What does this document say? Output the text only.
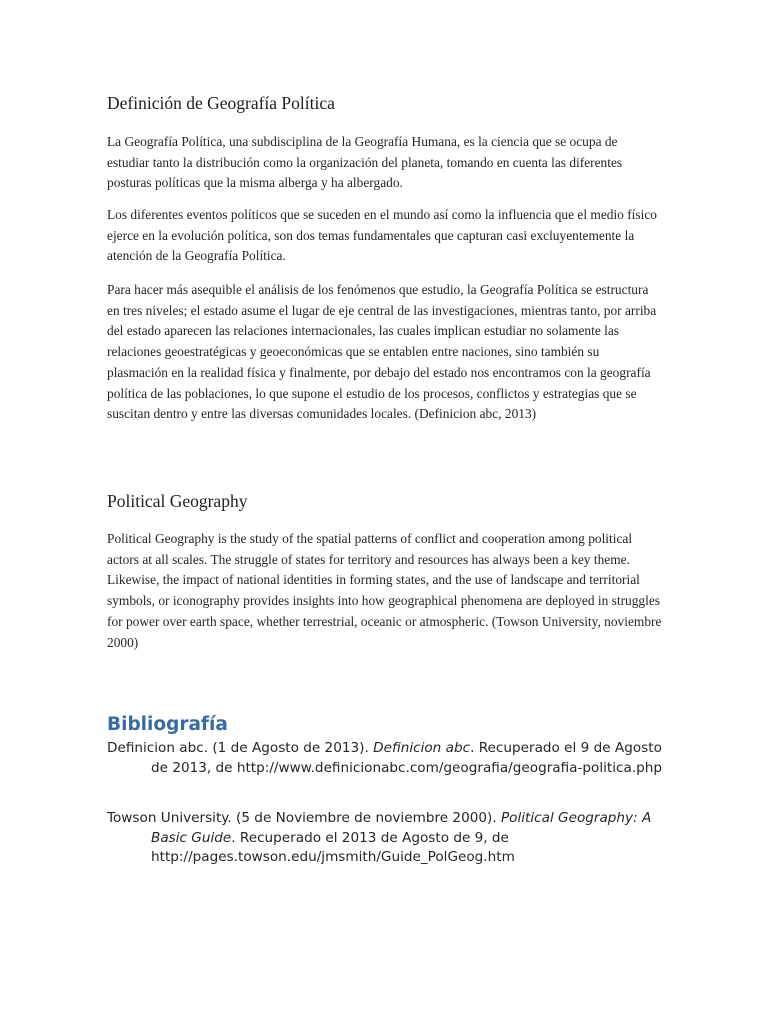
Definición de Geografía Política

La Geografía Política, una subdisciplina de la Geografía Humana, es la ciencia que se ocupa de estudiar tanto la distribución como la organización del planeta, tomando en cuenta las diferentes posturas políticas que la misma alberga y ha albergado.

Los diferentes eventos políticos que se suceden en el mundo así como la influencia que el medio físico ejerce en la evolución política, son dos temas fundamentales que capturan casi excluyentemente la atención de la Geografía Política.

Para hacer más asequible el análisis de los fenómenos que estudio, la Geografía Política se estructura en tres niveles; el estado asume el lugar de eje central de las investigaciones, mientras tanto, por arriba del estado aparecen las relaciones internacionales, las cuales implican estudiar no solamente las relaciones geoestratégicas y geoeconómicas que se entablen entre naciones, sino también su plasmación en la realidad física y finalmente, por debajo del estado nos encontramos con la geografía política de las poblaciones, lo que supone el estudio de los procesos, conflictos y estrategias que se suscitan dentro y entre las diversas comunidades locales. (Definicion abc, 2013)

Political Geography

Political Geography is the study of the spatial patterns of conflict and cooperation among political actors at all scales. The struggle of states for territory and resources has always been a key theme. Likewise, the impact of national identities in forming states, and the use of landscape and territorial symbols, or iconography provides insights into how geographical phenomena are deployed in struggles for power over earth space, whether terrestrial, oceanic or atmospheric. (Towson University, noviembre 2000)

Bibliografía

Definicion abc. (1 de Agosto de 2013). Definicion abc. Recuperado el 9 de Agosto de 2013, de http://www.definicionabc.com/geografia/geografia-politica.php

Towson University. (5 de Noviembre de noviembre 2000). Political Geography: A Basic Guide. Recuperado el 2013 de Agosto de 9, de http://pages.towson.edu/jmsmith/Guide_PolGeog.htm
